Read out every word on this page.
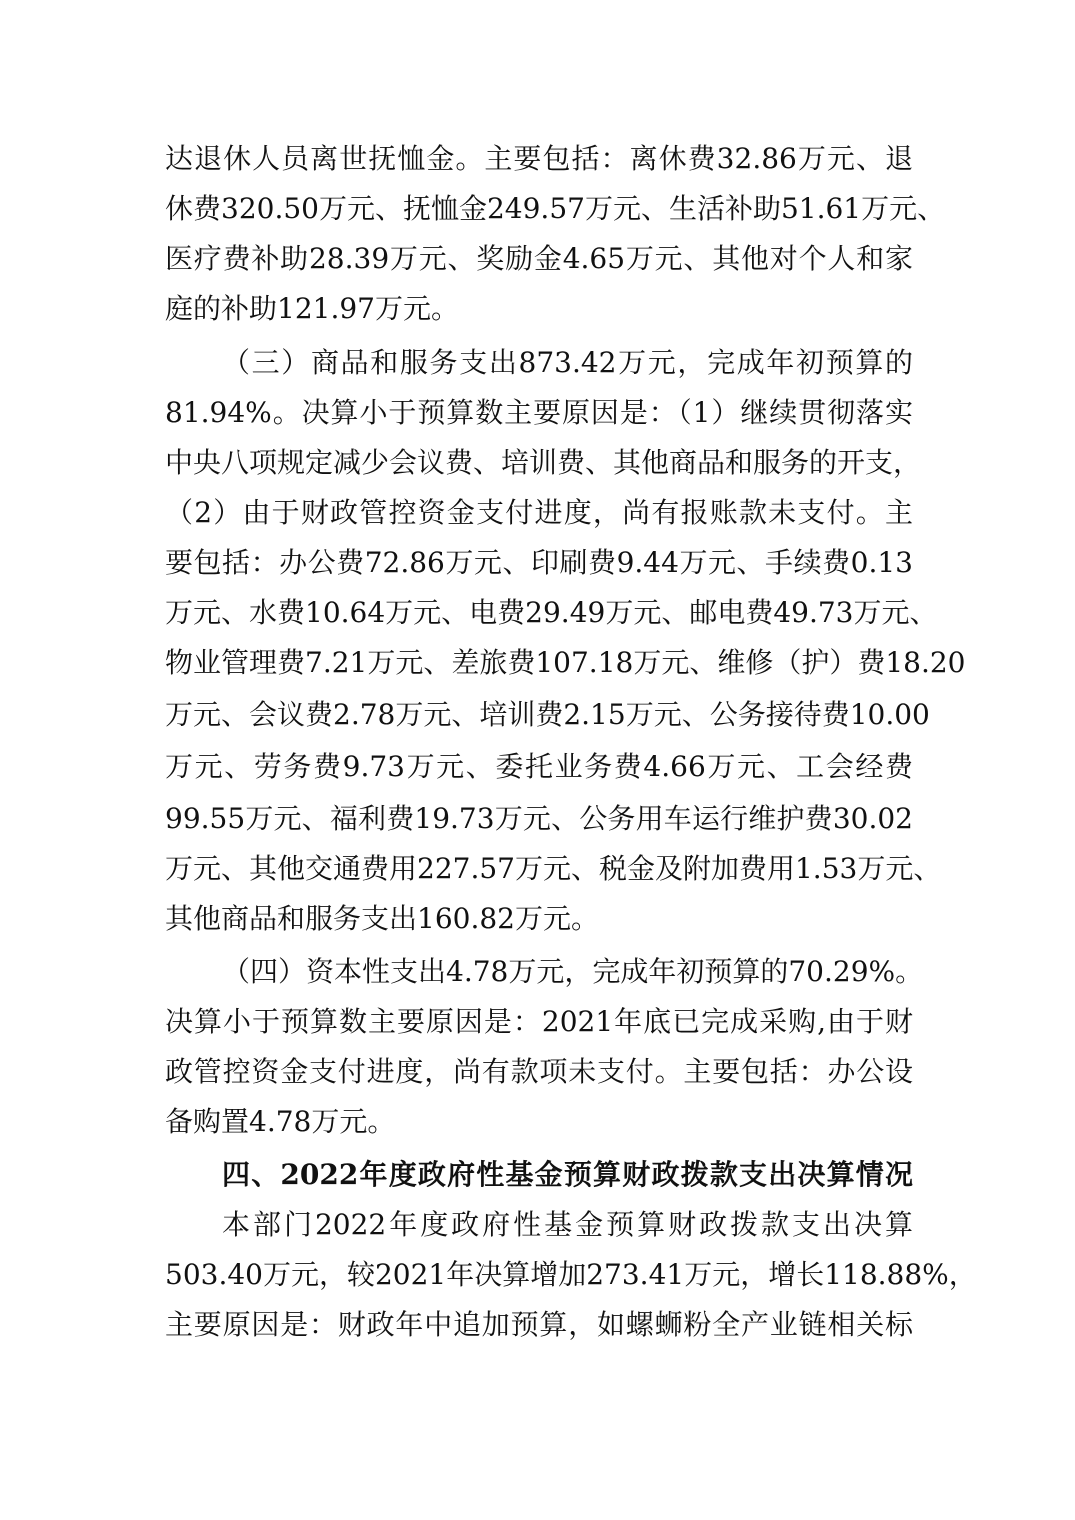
达退休人员离世抚恤金。主要包括：离休费32.86万元、退
休费320.50万元、抚恤金249.57万元、生活补助51.61万元、
医疗费补助28.39万元、奖励金4.65万元、其他对个人和家
庭的补助121.97万元。
（三）商品和服务支出873.42万元，完成年初预算的
81.94%。决算小于预算数主要原因是：（1）继续贯彻落实
中央八项规定减少会议费、培训费、其他商品和服务的开支，
（2）由于财政管控资金支付进度，尚有报账款未支付。主
要包括：办公费72.86万元、印刷费9.44万元、手续费0.13
万元、水费10.64万元、电费29.49万元、邮电费49.73万元、
物业管理费7.21万元、差旅费107.18万元、维修（护）费18.20
万元、会议费2.78万元、培训费2.15万元、公务接待费10.00
万元、劳务费9.73万元、委托业务费4.66万元、工会经费
99.55万元、福利费19.73万元、公务用车运行维护费30.02
万元、其他交通费用227.57万元、税金及附加费用1.53万元、
其他商品和服务支出160.82万元。
（四）资本性支出4.78万元，完成年初预算的70.29%。
决算小于预算数主要原因是：2021年底已完成采购,由于财
政管控资金支付进度，尚有款项未支付。主要包括：办公设
备购置4.78万元。
四、2022年度政府性基金预算财政拨款支出决算情况
本部门2022年度政府性基金预算财政拨款支出决算
503.40万元，较2021年决算增加273.41万元，增长118.88%，
主要原因是：财政年中追加预算，如螺蛳粉全产业链相关标
